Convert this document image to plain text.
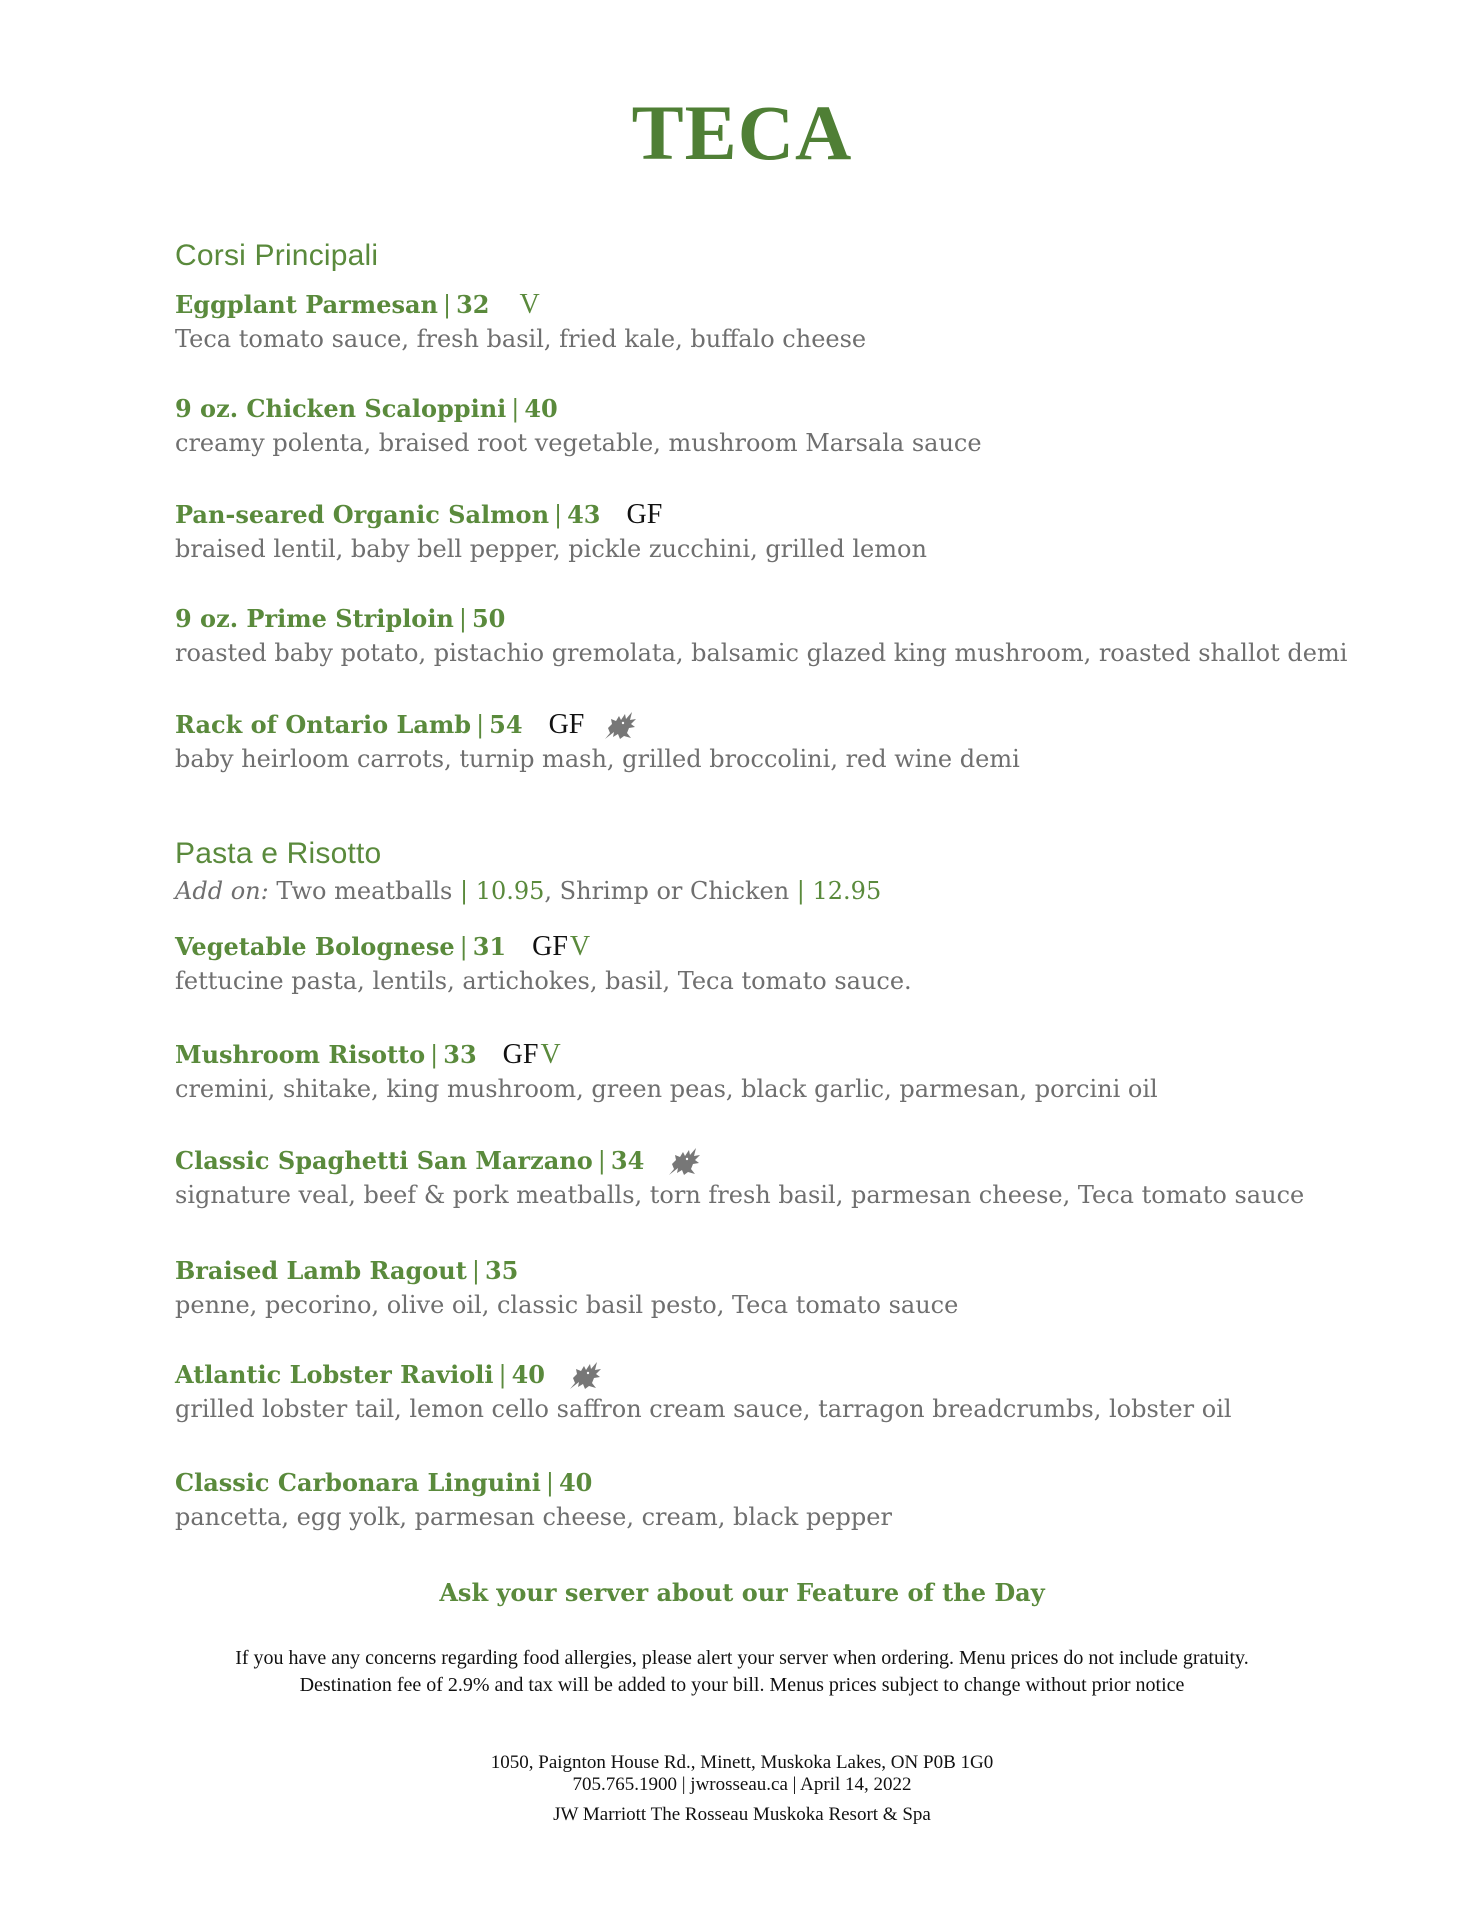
TECA
Corsi Principali
Eggplant Parmesan | 32 V

Teca tomato sauce, fresh basil, fried kale, buffalo cheese

9 oz. Chicken Scaloppini | 40

creamy polenta, braised root vegetable, mushroom Marsala sauce

Pan-seared Organic Salmon | 43 GF

braised lentil, baby bell pepper, pickle zucchini, grilled lemon

9 oz. Prime Striploin | 50

roasted baby potato, pistachio gremolata, balsamic glazed king mushroom, roasted shallot demi

Rack of Ontario Lamb | 54 GF

baby heirloom carrots, turnip mash, grilled broccolini, red wine demi

Pasta e Risotto
Add on: Two meatballs | 10.95, Shrimp or Chicken | 12.95
Vegetable Bolognese | 31 GF V

fettucine pasta, lentils, artichokes, basil, Teca tomato sauce.

Mushroom Risotto | 33 GF V

cremini, shitake, king mushroom, green peas, black garlic, parmesan, porcini oil

Classic Spaghetti San Marzano | 34

signature veal, beef & pork meatballs, torn fresh basil, parmesan cheese, Teca tomato sauce

Braised Lamb Ragout | 35

penne, pecorino, olive oil, classic basil pesto, Teca tomato sauce

Atlantic Lobster Ravioli | 40

grilled lobster tail, lemon cello saffron cream sauce, tarragon breadcrumbs, lobster oil

Classic Carbonara Linguini | 40

pancetta, egg yolk, parmesan cheese, cream, black pepper

Ask your server about our Feature of the Day
If you have any concerns regarding food allergies, please alert your server when ordering. Menu prices do not include gratuity.
Destination fee of 2.9% and tax will be added to your bill. Menus prices subject to change without prior notice
1050, Paignton House Rd., Minett, Muskoka Lakes, ON P0B 1G0
705.765.1900 | jwrosseau.ca | April 14, 2022
JW Marriott The Rosseau Muskoka Resort & Spa
